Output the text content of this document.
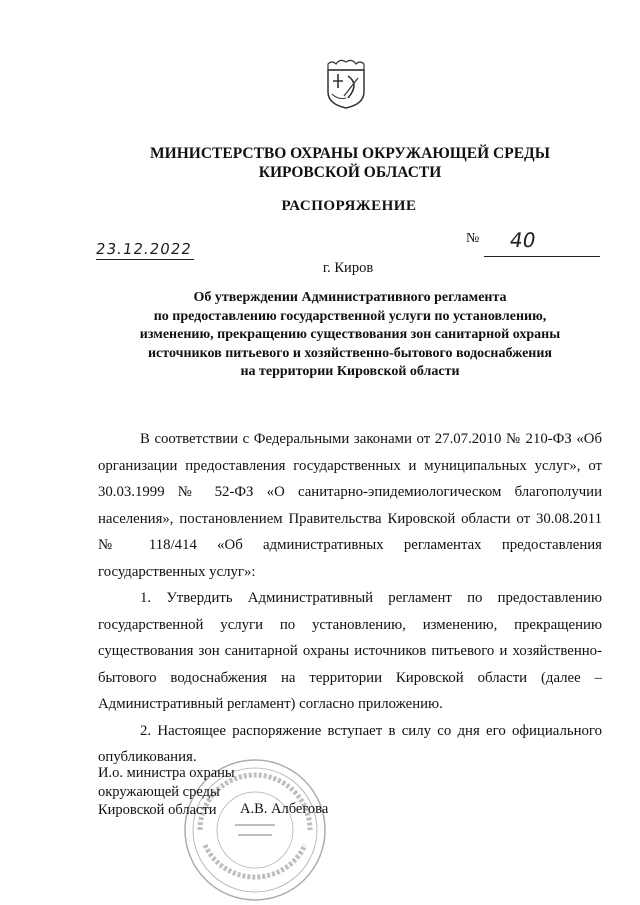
МИНИСТЕРСТВО ОХРАНЫ ОКРУЖАЮЩЕЙ СРЕДЫ
КИРОВСКОЙ ОБЛАСТИ
РАСПОРЯЖЕНИЕ
23.12.2022
№ 40
г. Киров
Об утверждении Административного регламента
по предоставлению государственной услуги по установлению,
изменению, прекращению существования зон санитарной охраны
источников питьевого и хозяйственно-бытового водоснабжения
на территории Кировской области

В соответствии с Федеральными законами от 27.07.2010 № 210-ФЗ «Об организации предоставления государственных и муниципальных услуг», от 30.03.1999 № 52-ФЗ «О санитарно-эпидемиологическом благополучии населения», постановлением Правительства Кировской области от 30.08.2011 № 118/414 «Об административных регламентах предоставления государственных услуг»:

1. Утвердить Административный регламент по предоставлению государственной услуги по установлению, изменению, прекращению существования зон санитарной охраны источников питьевого и хозяйственно-бытового водоснабжения на территории Кировской области (далее – Административный регламент) согласно приложению.

2. Настоящее распоряжение вступает в силу со дня его официального опубликования.

И.о. министра охраны
окружающей среды
Кировской области	А.В. Албегова
